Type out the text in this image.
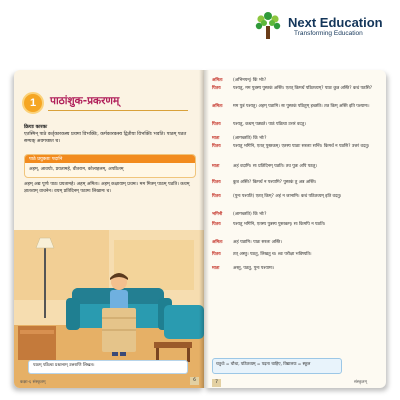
Next Education
Transforming Education
1	पाठांशुक-प्रकरणम्
क्रियाः कारकः
एतस्मिन् पाठे कर्तृकारकस्य प्रथमा विभक्तिः, कर्मकारकस्य द्वितीया विभक्तिः भवति। पाठम् पठत सम्यक् अवगच्छत च।
पाठे प्रयुक्ताः पदानि
अहम्, आवयोः, प्रयतामहे, वीतराम, कोलाहलम्, अपठितम्
अहम् अद्य पूर्णः पाठः प्रयतामहे। अहम् अमितः। अहम् कक्षायाम् प्रथमः। मम मित्रम् पाठम् पठति। कथम् ज्ञातव्यम् वाचनेन। वयम् प्रतिदिनम् पठामः लिखामः च।
पाठम् पठित्वा प्रश्नानाम् उत्तराणि लिखत।
कक्षा-६ संस्कृतम्	6
अमितः	(अभिनयन्) किं भोः?
पितरः	पश्यतु, मम पुत्रस्य पुस्तकं अस्ति। एतत् किमर्थं पठितव्यम्? पाठः कुत्र अस्ति? कथं पठसि?
अमितः	मम पुत्रं पश्यतु। अहम् पठामि। सः पुस्तकं पठितुम् इच्छति। तत्र किम् अस्ति इति पश्यामः।
पितरः	पश्यतु, कथम् पठ्यते। पाठं पठित्वा उत्तरं वदतु।
माता	(आगच्छति) किं भोः?
पितरः	पश्यतु भगिनि, एतत् पुस्तकम्। एतस्य पाठाः सरलाः सन्ति। किमर्थं न पठसि? उत्तरं वदतु।
माता	अहं वदामि। सः प्रतिदिनम् पठति। तव पुत्रः अपि पठतु।
पितरः	कुत्र अस्ति? किमर्थं न पश्यामि? पुस्तकं तु अत्र अस्ति।
पितरः	(पुनः पश्यति) एतत् किम्? अहं न जानामि। कथं पठितव्यम् इति वदतु।
भगिनी	(आगच्छति) किं भोः?
पितरः	पश्यतु भगिनि, एतस्य पुत्रस्य पुस्तकम्। सः किमपि न पठति।
अमितः	अहं पठामि। पाठः सरलः अस्ति।
पितरः	तत् अस्तु। पठतु, लिखतु च। श्वः परीक्षा भविष्यति।
माता	अस्तु, पठतु, पुनः पश्यामः।
चतुर्थः = चौथा, पठितव्यम् = पढ़ना चाहिए, विद्यालयः = स्कूल
7	संस्कृतम्
